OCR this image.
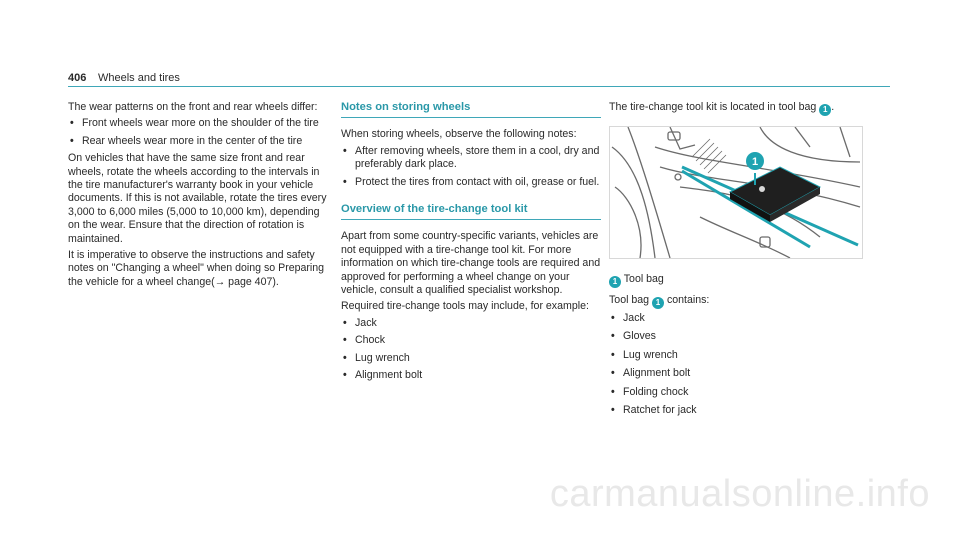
406 Wheels and tires

The wear patterns on the front and rear wheels differ:

• Front wheels wear more on the shoulder of the tire
• Rear wheels wear more in the center of the tire

On vehicles that have the same size front and rear wheels, rotate the wheels according to the intervals in the tire manufacturer's warranty book in your vehicle documents. If this is not available, rotate the tires every 3,000 to 6,000 miles (5,000 to 10,000 km), depending on the wear. Ensure that the direction of rotation is maintained.

It is imperative to observe the instructions and safety notes on "Changing a wheel" when doing so Preparing the vehicle for a wheel change(→ page 407).

Notes on storing wheels

When storing wheels, observe the following notes:

• After removing wheels, store them in a cool, dry and preferably dark place.
• Protect the tires from contact with oil, grease or fuel.
Overview of the tire-change tool kit

Apart from some country-specific variants, vehicles are not equipped with a tire-change tool kit. For more information on which tire-change tools are required and approved for performing a wheel change on your vehicle, consult a qualified specialist workshop.

Required tire-change tools may include, for example:

• Jack
• Chock
• Lug wrench
• Alignment bolt

The tire-change tool kit is located in tool bag 1 .

1

1 Tool bag

Tool bag 1 contains:

• Jack
• Gloves
• Lug wrench
• Alignment bolt
• Folding chock
• Ratchet for jack
carmanualsonline.info
